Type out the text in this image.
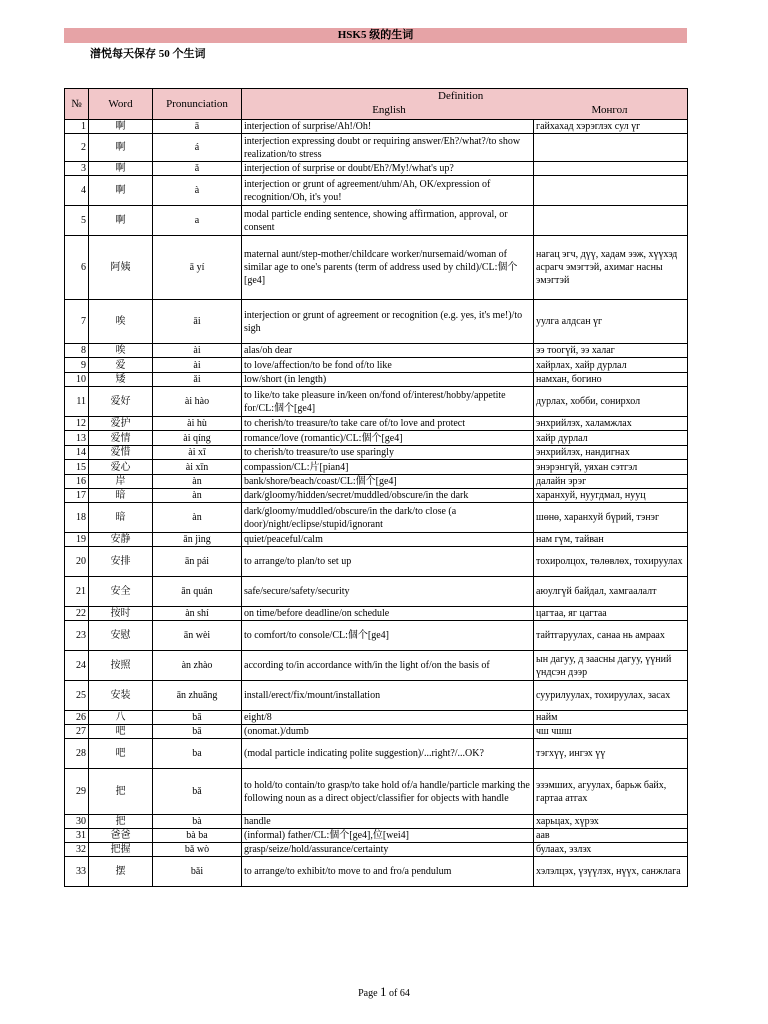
HSK5 级的生词
潽悦每天保存 50 个生词
№	Word	Pronunciation	Definition
English Монгол	

1	啊	ā	interjection of surprise/Ah!/Oh!	гайхахад хэрэглэх сул үг
2	啊	á	interjection expressing doubt or requiring answer/Eh?/what?/to show realization/to stress	
3	啊	ǎ	interjection of surprise or doubt/Eh?/My!/what's up?	
4	啊	à	interjection or grunt of agreement/uhm/Ah, OK/expression of recognition/Oh, it's you!	
5	啊	a	modal particle ending sentence, showing affirmation, approval, or consent	
6	阿姨	ā yí	maternal aunt/step-mother/childcare worker/nursemaid/woman of similar age to one's parents (term of address used by child)/CL:個个[ge4]	нагац эгч, дүү, хадам ээж, хүүхэд асрагч эмэгтэй, ахимаг насны эмэгтэй
7	唉	āi	interjection or grunt of agreement or recognition (e.g. yes, it's me!)/to sigh	уулга алдсан үг
8	唉	ài	alas/oh dear	ээ тоогүй, ээ халаг
9	爱	ài	to love/affection/to be fond of/to like	хайрлах, хайр дурлал
10	矮	ǎi	low/short (in length)	намхан, богино
11	爱好	ài hào	to like/to take pleasure in/keen on/fond of/interest/hobby/appetite for/CL:個个[ge4]	дурлах, хобби, сонирхол
12	爱护	ài hù	to cherish/to treasure/to take care of/to love and protect	энхрийлэх, халамжлах
13	爱情	ài qíng	romance/love (romantic)/CL:個个[ge4]	хайр дурлал
14	爱惜	ài xī	to cherish/to treasure/to use sparingly	энхрийлэх, нандигнах
15	爱心	ài xīn	compassion/CL:片[pian4]	энэрэнгүй, уяхан сэтгэл
16	岸	àn	bank/shore/beach/coast/CL:個个[ge4]	далайн эрэг
17	暗	àn	dark/gloomy/hidden/secret/muddled/obscure/in the dark	харанхуй, нуугдмал, нууц
18	暗	àn	dark/gloomy/muddled/obscure/in the dark/to close (a door)/night/eclipse/stupid/ignorant	шөнө, харанхуй бүрий, тэнэг
19	安静	ān jìng	quiet/peaceful/calm	нам гүм, тайван
20	安排	ān pái	to arrange/to plan/to set up	тохиролцох, төлөвлөх, тохируулах
21	安全	ān quán	safe/secure/safety/security	аюулгүй байдал, хамгаалалт
22	按时	àn shí	on time/before deadline/on schedule	цагтаа, яг цагтаа
23	安慰	ān wèi	to comfort/to console/CL:個个[ge4]	тайтгаруулах, санаа нь амраах
24	按照	àn zhào	according to/in accordance with/in the light of/on the basis of	ын дагуу, д заасны дагуу, үүний үндсэн дээр
25	安装	ān zhuāng	install/erect/fix/mount/installation	суурилуулах, тохируулах, засах
26	八	bā	eight/8	найм
27	吧	bā	(onomat.)/dumb	чш чшш
28	吧	ba	(modal particle indicating polite suggestion)/...right?/...OK?	тэгхүү, ингэх үү
29	把	bǎ	to hold/to contain/to grasp/to take hold of/a handle/particle marking the following noun as a direct object/classifier for objects with handle	эзэмших, агуулах, барьж байх, гартаа атгах
30	把	bà	handle	харьцах, хүрэх
31	爸爸	bà ba	(informal) father/CL:個个[ge4],位[wei4]	аав
32	把握	bǎ wò	grasp/seize/hold/assurance/certainty	булаах, эзлэх
33	摆	bǎi	to arrange/to exhibit/to move to and fro/a pendulum	хэлэлцэх, үзүүлэх, нүүх, санжлага
Page 1 of 64
